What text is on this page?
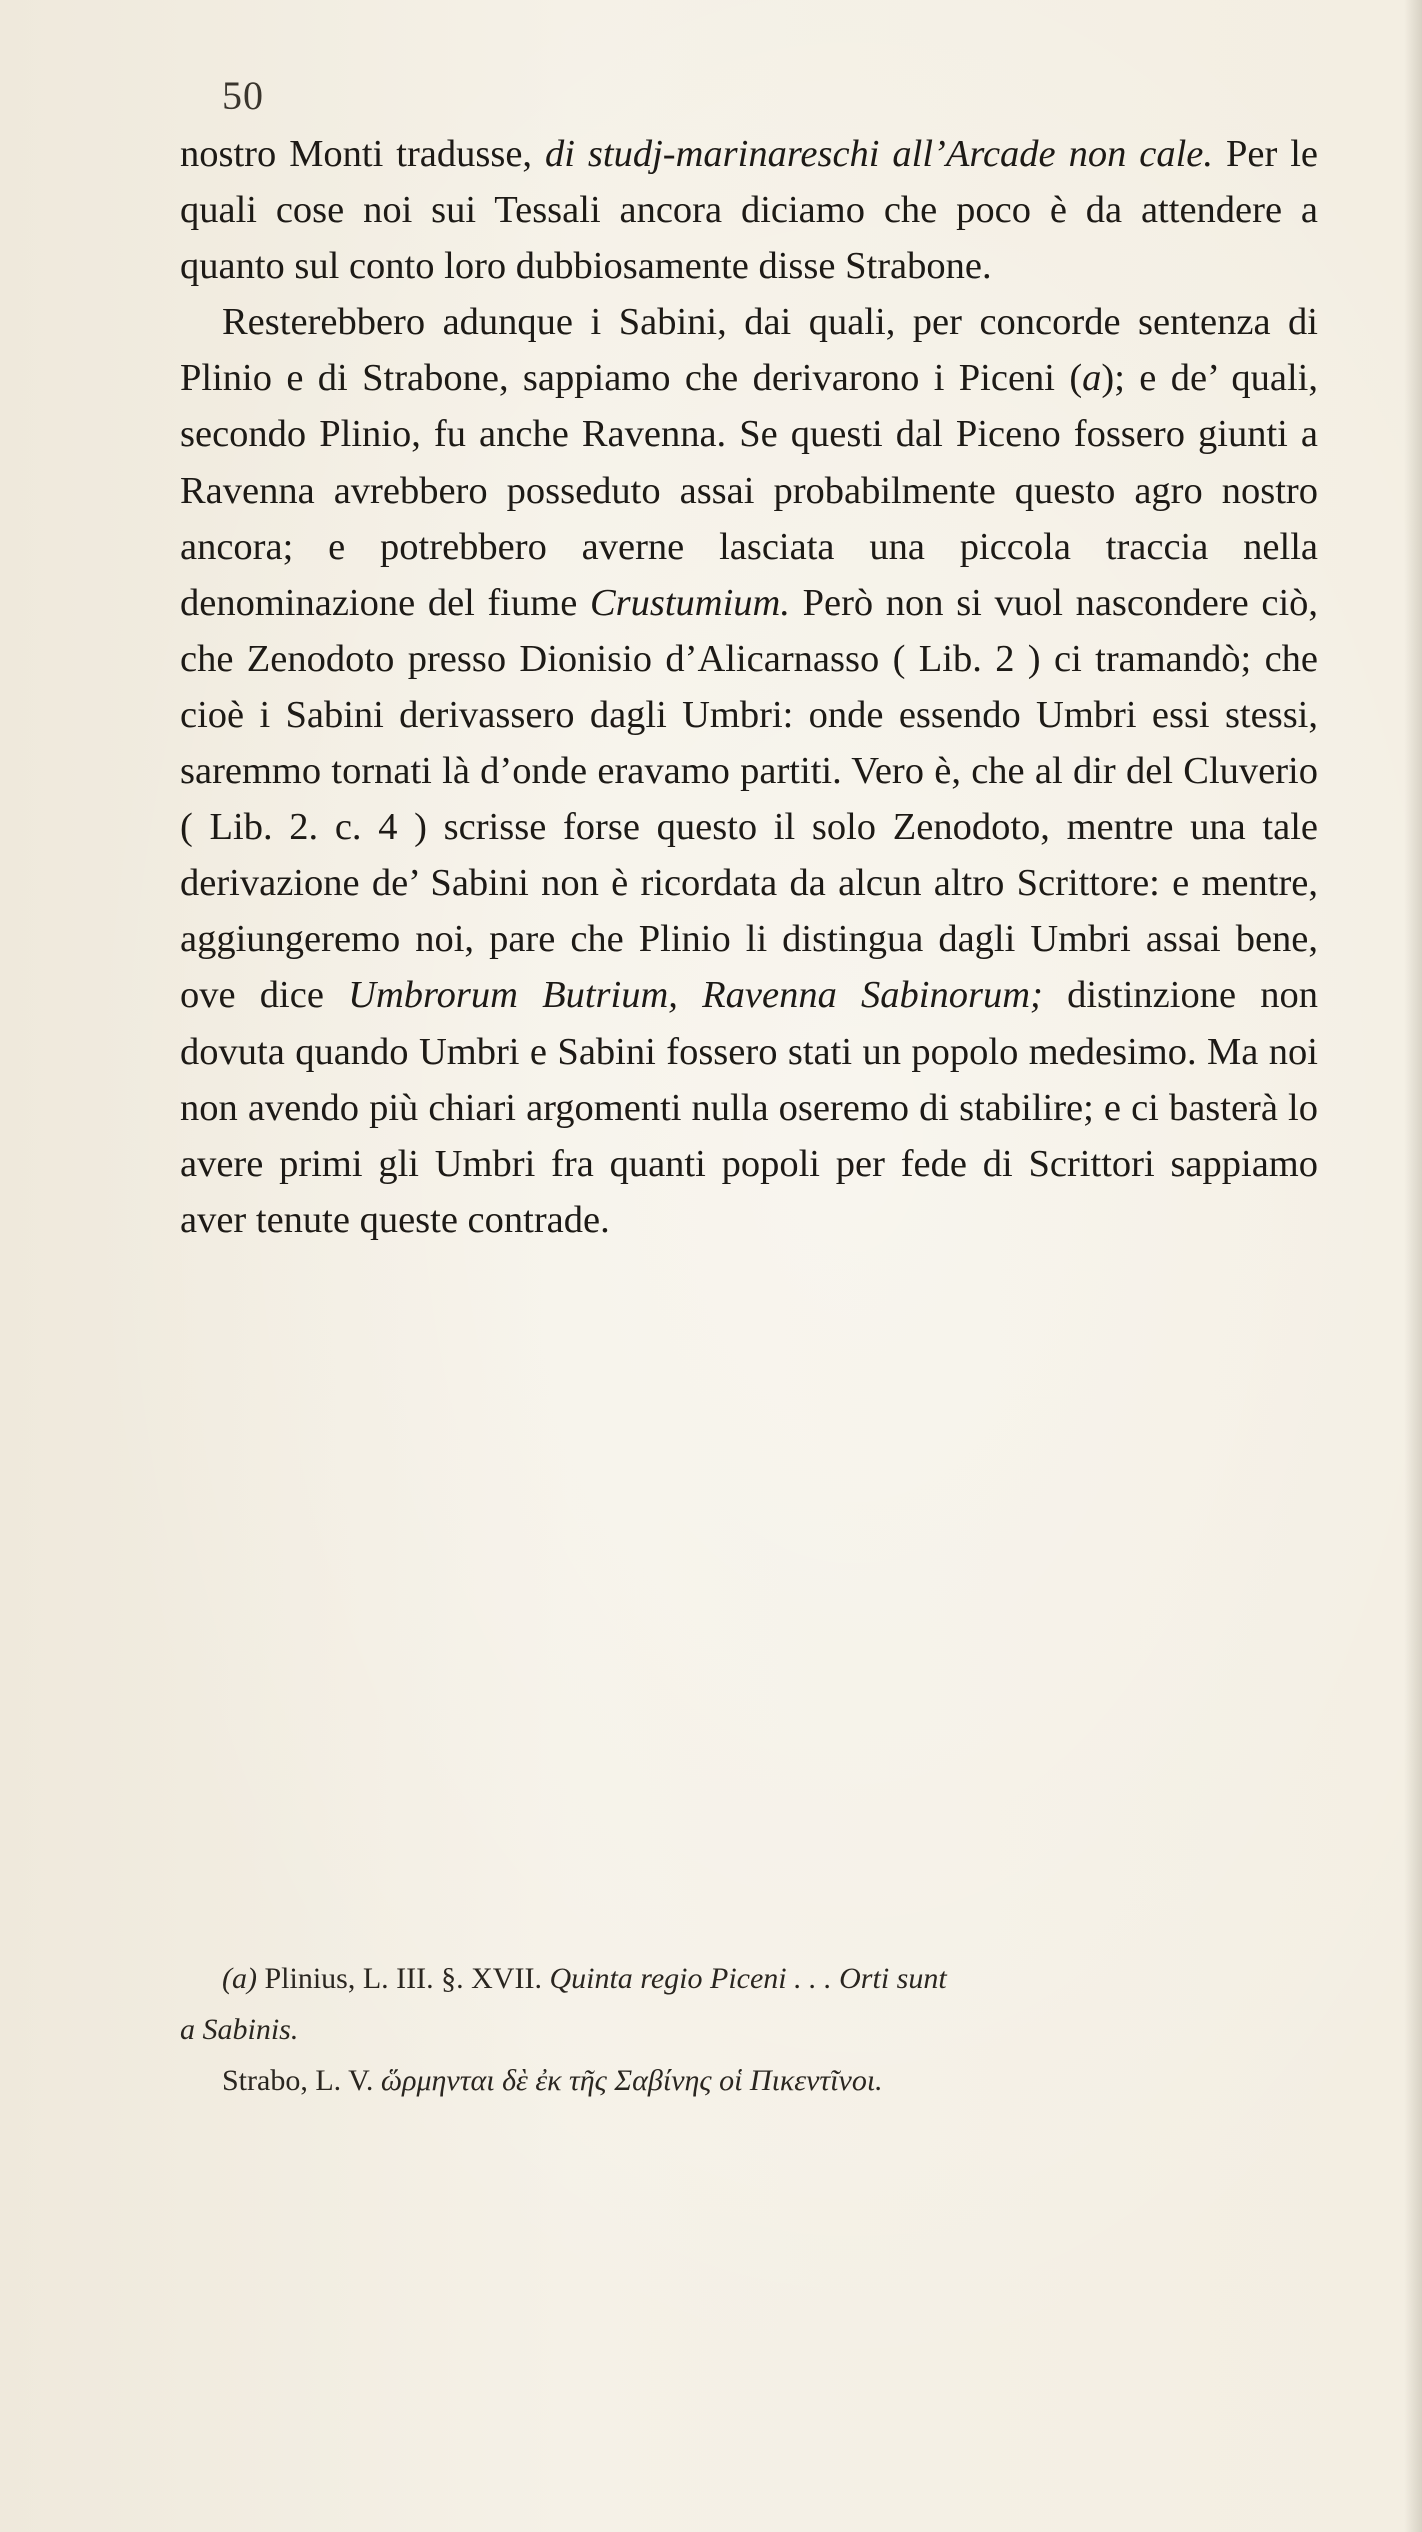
50

nostro Monti tradusse, di studj-marinareschi all’Arcade non cale. Per le quali cose noi sui Tessali ancora diciamo che poco è da attendere a quanto sul conto loro dubbiosamente disse Strabone.

Resterebbero adunque i Sabini, dai quali, per concorde sentenza di Plinio e di Strabone, sappiamo che derivarono i Piceni (a); e de’ quali, secondo Plinio, fu anche Ravenna. Se questi dal Piceno fossero giunti a Ravenna avrebbero posseduto assai probabilmente questo agro nostro ancora; e potrebbero averne lasciata una piccola traccia nella denominazione del fiume Crustumium. Però non si vuol nascondere ciò, che Zenodoto presso Dionisio d’Alicarnasso ( Lib. 2 ) ci tramandò; che cioè i Sabini derivassero dagli Umbri: onde essendo Umbri essi stessi, saremmo tornati là d’onde eravamo partiti. Vero è, che al dir del Cluverio ( Lib. 2. c. 4 ) scrisse forse questo il solo Zenodoto, mentre una tale derivazione de’ Sabini non è ricordata da alcun altro Scrittore: e mentre, aggiungeremo noi, pare che Plinio li distingua dagli Umbri assai bene, ove dice Umbrorum Butrium, Ravenna Sabinorum; distinzione non dovuta quando Umbri e Sabini fossero stati un popolo medesimo. Ma noi non avendo più chiari argomenti nulla oseremo di stabilire; e ci basterà lo avere primi gli Umbri fra quanti popoli per fede di Scrittori sappiamo aver tenute queste contrade.

(a) Plinius, L. III. §. XVII. Quinta regio Piceni . . . Orti sunt

a Sabinis.

Strabo, L. V. ὥρμηνται δὲ ἐκ τῆς Σαβίνης οἱ Πικεντῖνοι.
